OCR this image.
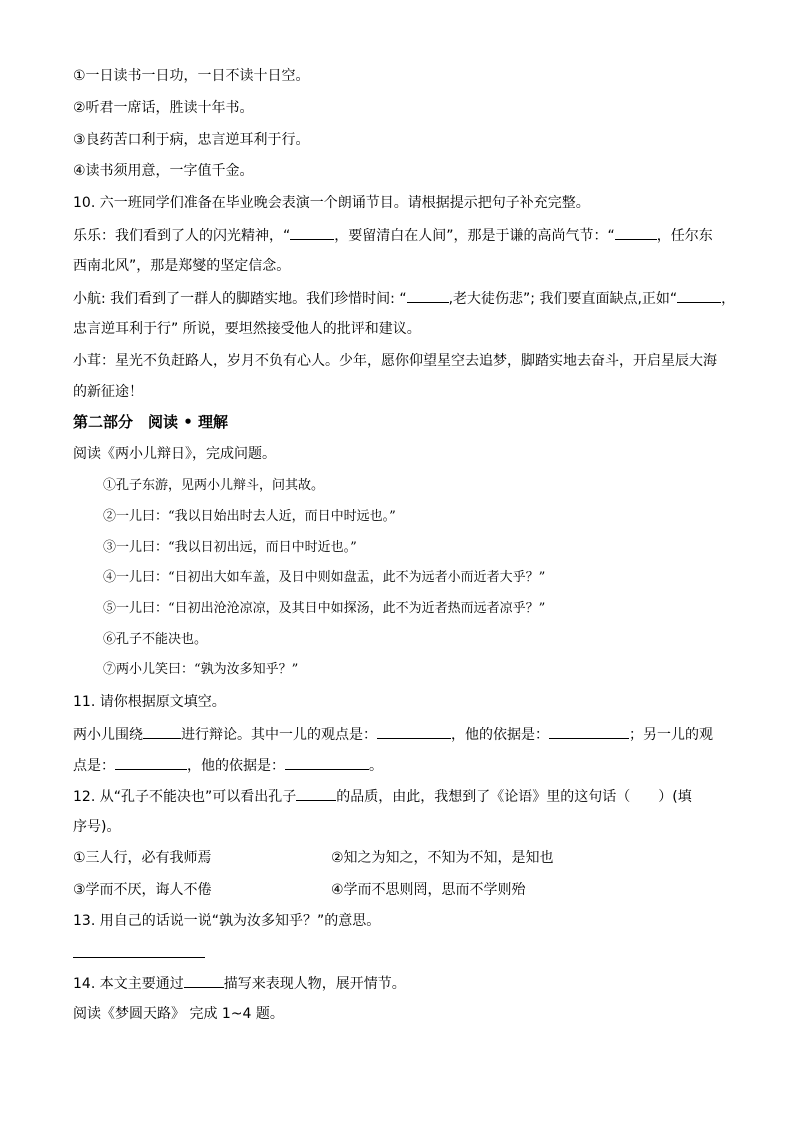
①一日读书一日功，一日不读十日空。
②听君一席话，胜读十年书。
③良药苦口利于病，忠言逆耳利于行。
④读书须用意，一字值千金。
10. 六一班同学们准备在毕业晚会表演一个朗诵节目。请根据提示把句子补充完整。
乐乐：我们看到了人的闪光精神，“	，要留清白在人间”，那是于谦的高尚气节：“	，任尔东
西南北风”，那是郑燮的坚定信念。
小航: 我们看到了一群人的脚踏实地。我们珍惜时间: “	,老大徒伤悲”; 我们要直面缺点,正如“	，
忠言逆耳利于行” 所说，要坦然接受他人的批评和建议。
小茸：星光不负赶路人，岁月不负有心人。少年，愿你仰望星空去追梦，脚踏实地去奋斗，开启星辰大海
的新征途！
第二部分　阅读 • 理解
阅读《两小儿辩日》，完成问题。
①孔子东游，见两小儿辩斗，问其故。
②一儿曰：“我以日始出时去人近，而日中时远也。”
③一儿曰：“我以日初出远，而日中时近也。”
④一儿曰：“日初出大如车盖，及日中则如盘盂，此不为远者小而近者大乎？”
⑤一儿曰：“日初出沧沧凉凉，及其日中如探汤，此不为近者热而远者凉乎？”
⑥孔子不能决也。
⑦两小儿笑曰：“孰为汝多知乎？”
11. 请你根据原文填空。
两小儿围绕	进行辩论。其中一儿的观点是：	，他的依据是：	；另一儿的观
点是：	，他的依据是：	。
12. 从“孔子不能决也”可以看出孔子	的品质，由此，我想到了《论语》里的这句话（　　）(填
序号)。
①三人行，必有我师焉	②知之为知之，不知为不知，是知也
③学而不厌，诲人不倦	④学而不思则罔，思而不学则殆
13. 用自己的话说一说“孰为汝多知乎？”的意思。
14. 本文主要通过	描写来表现人物，展开情节。
阅读《梦圆天路》 完成 1~4 题。
